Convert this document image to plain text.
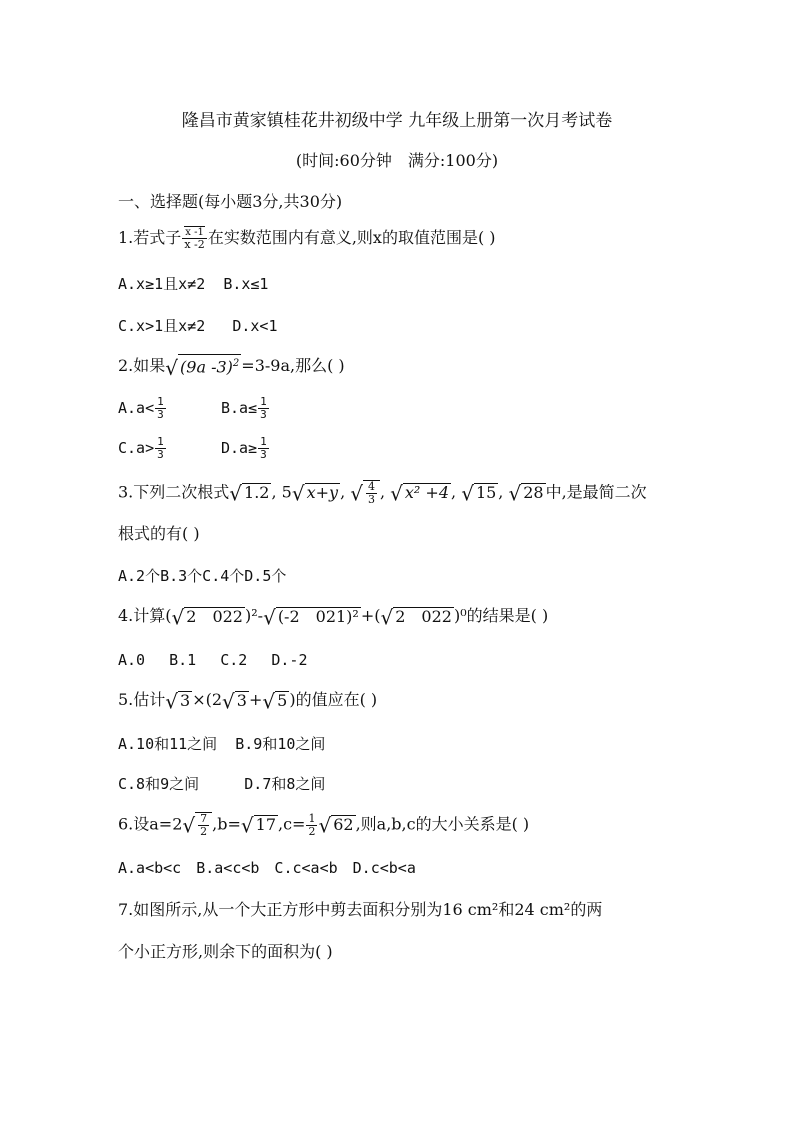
隆昌市黄家镇桂花井初级中学 九年级上册第一次月考试卷
(时间:60分钟　满分:100分)
一、选择题(每小题3分,共30分)
1.若式子 $\frac{x -1}{x -2}$ 在实数范围内有意义,则x的取值范围是( )
A.x≥1且x≠2 B.x≤1
C.x>1且x≠2 D.x<1
2.如果√ (9a -3)$^2$ =3-9a,那么( )
$A.a< \frac{1}{3}$	$B.a\le \frac{1}{3}$
$C.a> \frac{1}{3}$	$D.a\ge \frac{1}{3}$
3.下列二次根式√ 1.2 , 5√ x+y , √ $\frac{4}{3}$ , √ x² +4 , √ 15 , √ 28 中,是最简二次
根式的有( )
A.2个B.3个C.4个D.5个
4.计算(√ 2　022 )²-√ (-2　021)² +(√ 2　022 )⁰的结果是( )
A.0　 B.1　 C.2　 D.-2
5.估计√ 3 ×(2√ 3 +√ 5 )的值应在( )
A.10和11之间 B.9和10之间
C.8和9之间	D.7和8之间
6.设$a=2√ \frac{7}{2} ,b=√$ 17 $,c= \frac{1}{2}$ √ 62 ,则a,b,c的大小关系是( )
A.a<b<c　B.a<c<b　C.c<a<b　D.c<b<a
7.如图所示,从一个大正方形中剪去面积分别为16 cm²和24 cm²的两
个小正方形,则余下的面积为( )
